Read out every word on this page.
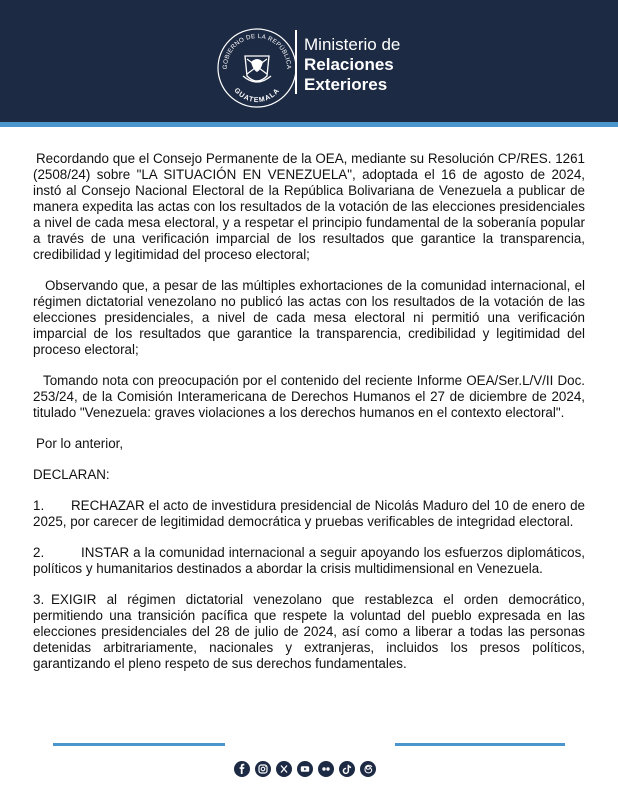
GOBIERNO DE LA REPÚBLICA
GUATEMALA
Ministerio de
Relaciones
Exteriores

Recordando que el Consejo Permanente de la OEA, mediante su Resolución CP/RES. 1261 (2508/24) sobre "LA SITUACIÓN EN VENEZUELA", adoptada el 16 de agosto de 2024, instó al Consejo Nacional Electoral de la República Bolivariana de Venezuela a publicar de manera expedita las actas con los resultados de la votación de las elecciones presidenciales a nivel de cada mesa electoral, y a respetar el principio fundamental de la soberanía popular a través de una verificación imparcial de los resultados que garantice la transparencia, credibilidad y legitimidad del proceso electoral;

Observando que, a pesar de las múltiples exhortaciones de la comunidad internacional, el régimen dictatorial venezolano no publicó las actas con los resultados de la votación de las elecciones presidenciales, a nivel de cada mesa electoral ni permitió una verificación imparcial de los resultados que garantice la transparencia, credibilidad y legitimidad del proceso electoral;

Tomando nota con preocupación por el contenido del reciente Informe OEA/Ser.L/V/II Doc. 253/24, de la Comisión Interamericana de Derechos Humanos el 27 de diciembre de 2024, titulado "Venezuela: graves violaciones a los derechos humanos en el contexto electoral".

Por lo anterior,

DECLARAN:

1. RECHAZAR el acto de investidura presidencial de Nicolás Maduro del 10 de enero de 2025, por carecer de legitimidad democrática y pruebas verificables de integridad electoral.

2.	INSTAR a la comunidad internacional a seguir apoyando los esfuerzos diplomáticos, políticos y humanitarios destinados a abordar la crisis multidimensional en Venezuela.

3. EXIGIR al régimen dictatorial venezolano que restablezca el orden democrático, permitiendo una transición pacífica que respete la voluntad del pueblo expresada en las elecciones presidenciales del 28 de julio de 2024, así como a liberar a todas las personas detenidas arbitrariamente, nacionales y extranjeras, incluidos los presos políticos, garantizando el pleno respeto de sus derechos fundamentales.
